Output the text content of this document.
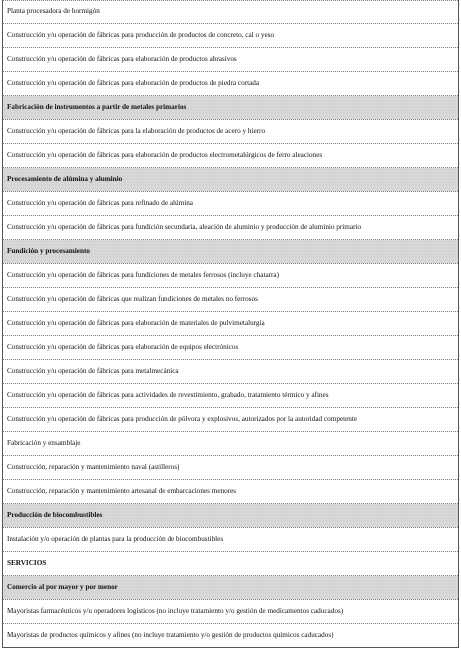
Planta procesadora de hormigón
Construcción y/u operación de fábricas para producción de productos de concreto, cal o yeso
Construcción y/u operación de fábricas para elaboración de productos abrasivos
Construcción y/u operación de fábricas para elaboración de productos de piedra cortada
Fabricación de instrumentos a partir de metales primarios
Construcción y/u operación de fábricas para la elaboración de productos de acero y hierro
Construcción y/u operación de fábricas para elaboración de productos electrometalúrgicos de ferro aleaciones
Procesamiento de alúmina y aluminio
Construcción y/u operación de fábricas para refinado de alúmina
Construcción y/u operación de fábricas para fundición secundaria, aleación de aluminio y producción de aluminio primario
Fundición y procesamiento
Construcción y/u operación de fábricas para fundiciones de metales ferrosos (incluye chatarra)
Construcción y/u operación de fábricas que realizan fundiciones de metales no ferrosos
Construcción y/u operación de fábricas para elaboración de materiales de pulvimetalurgía
Construcción y/u operación de fábricas para elaboración de equipos electrónicos
Construcción y/u operación de fábricas para metalmecánica
Construcción y/u operación de fábricas para actividades de revestimiento, grabado, tratamiento térmico y afines
Construcción y/u operación de fábricas para producción de pólvora y explosivos, autorizados por la autoridad competente
Fabricación y ensamblaje
Construcción, reparación y mantenimiento naval (astilleros)
Construcción, reparación y mantenimiento artesanal de embarcaciones menores
Producción de biocombustibles
Instalación y/o operación de plantas para la producción de biocombustibles
SERVICIOS
Comercio al por mayor y por menor
Mayoristas farmacéuticos y/u operadores logísticos (no incluye tratamiento y/o gestión de medicamentos caducados)
Mayoristas de productos químicos y afines (no incluye tratamiento y/o gestión de productos químicos caducados)
